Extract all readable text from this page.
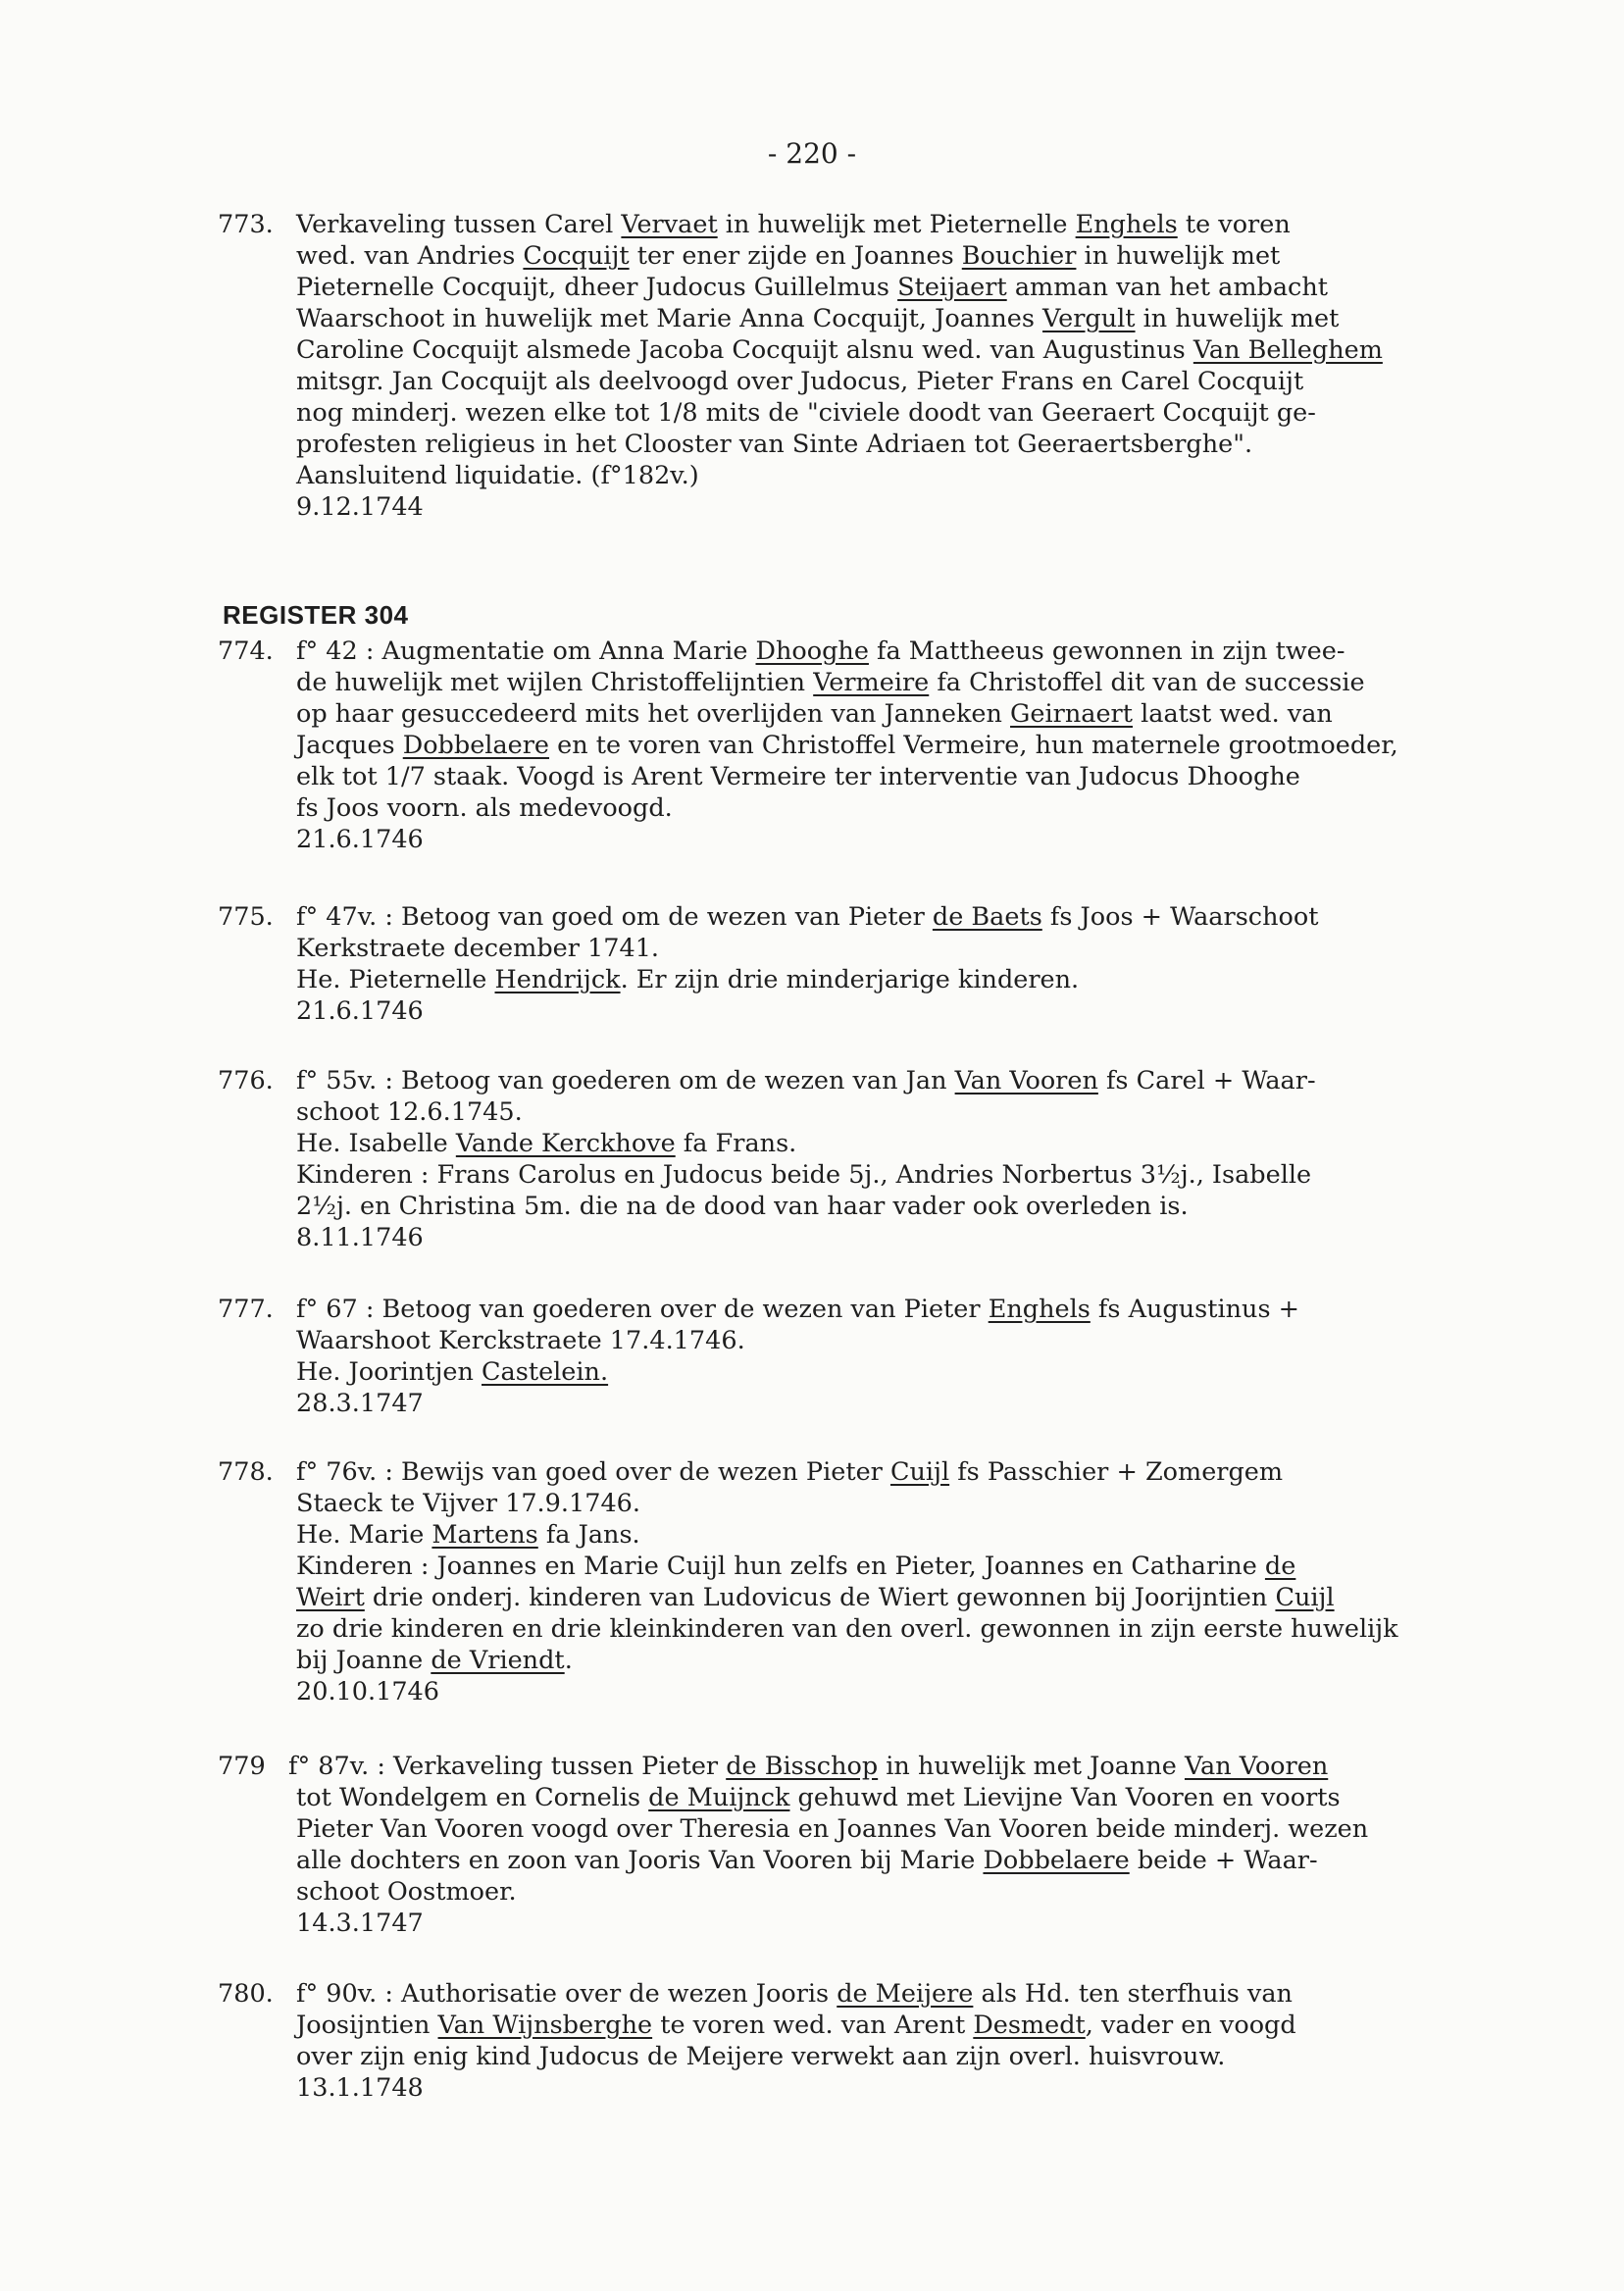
- 220 -
773. Verkaveling tussen Carel Vervaet in huwelijk met Pieternelle Enghels te voren
wed. van Andries Cocquijt ter ener zijde en Joannes Bouchier in huwelijk met
Pieternelle Cocquijt, dheer Judocus Guillelmus Steijaert amman van het ambacht
Waarschoot in huwelijk met Marie Anna Cocquijt, Joannes Vergult in huwelijk met
Caroline Cocquijt alsmede Jacoba Cocquijt alsnu wed. van Augustinus Van Belleghem
mitsgr. Jan Cocquijt als deelvoogd over Judocus, Pieter Frans en Carel Cocquijt
nog minderj. wezen elke tot 1/8 mits de "civiele doodt van Geeraert Cocquijt ge-
profesten religieus in het Clooster van Sinte Adriaen tot Geeraertsberghe".
Aansluitend liquidatie. (f°182v.)
9.12.1744
REGISTER 304
774. f° 42 : Augmentatie om Anna Marie Dhooghe fa Mattheeus gewonnen in zijn twee-
de huwelijk met wijlen Christoffelijntien Vermeire fa Christoffel dit van de successie
op haar gesuccedeerd mits het overlijden van Janneken Geirnaert laatst wed. van
Jacques Dobbelaere en te voren van Christoffel Vermeire, hun maternele grootmoeder,
elk tot 1/7 staak. Voogd is Arent Vermeire ter interventie van Judocus Dhooghe
fs Joos voorn. als medevoogd.
21.6.1746
775. f° 47v. : Betoog van goed om de wezen van Pieter de Baets fs Joos + Waarschoot
Kerkstraete december 1741.
He. Pieternelle Hendrijck. Er zijn drie minderjarige kinderen.
21.6.1746
776. f° 55v. : Betoog van goederen om de wezen van Jan Van Vooren fs Carel + Waar-
schoot 12.6.1745.
He. Isabelle Vande Kerckhove fa Frans.
Kinderen : Frans Carolus en Judocus beide 5j., Andries Norbertus 3½j., Isabelle
2½j. en Christina 5m. die na de dood van haar vader ook overleden is.
8.11.1746
777. f° 67 : Betoog van goederen over de wezen van Pieter Enghels fs Augustinus +
Waarshoot Kerckstraete 17.4.1746.
He. Joorintjen Castelein.
28.3.1747
778. f° 76v. : Bewijs van goed over de wezen Pieter Cuijl fs Passchier + Zomergem
Staeck te Vijver 17.9.1746.
He. Marie Martens fa Jans.
Kinderen : Joannes en Marie Cuijl hun zelfs en Pieter, Joannes en Catharine de
Weirt drie onderj. kinderen van Ludovicus de Wiert gewonnen bij Joorijntien Cuijl
zo drie kinderen en drie kleinkinderen van den overl. gewonnen in zijn eerste huwelijk
bij Joanne de Vriendt.
20.10.1746
779 f° 87v. : Verkaveling tussen Pieter de Bisschop in huwelijk met Joanne Van Vooren
tot Wondelgem en Cornelis de Muijnck gehuwd met Lievijne Van Vooren en voorts
Pieter Van Vooren voogd over Theresia en Joannes Van Vooren beide minderj. wezen
alle dochters en zoon van Jooris Van Vooren bij Marie Dobbelaere beide + Waar-
schoot Oostmoer.
14.3.1747
780. f° 90v. : Authorisatie over de wezen Jooris de Meijere als Hd. ten sterfhuis van
Joosijntien Van Wijnsberghe te voren wed. van Arent Desmedt, vader en voogd
over zijn enig kind Judocus de Meijere verwekt aan zijn overl. huisvrouw.
13.1.1748
